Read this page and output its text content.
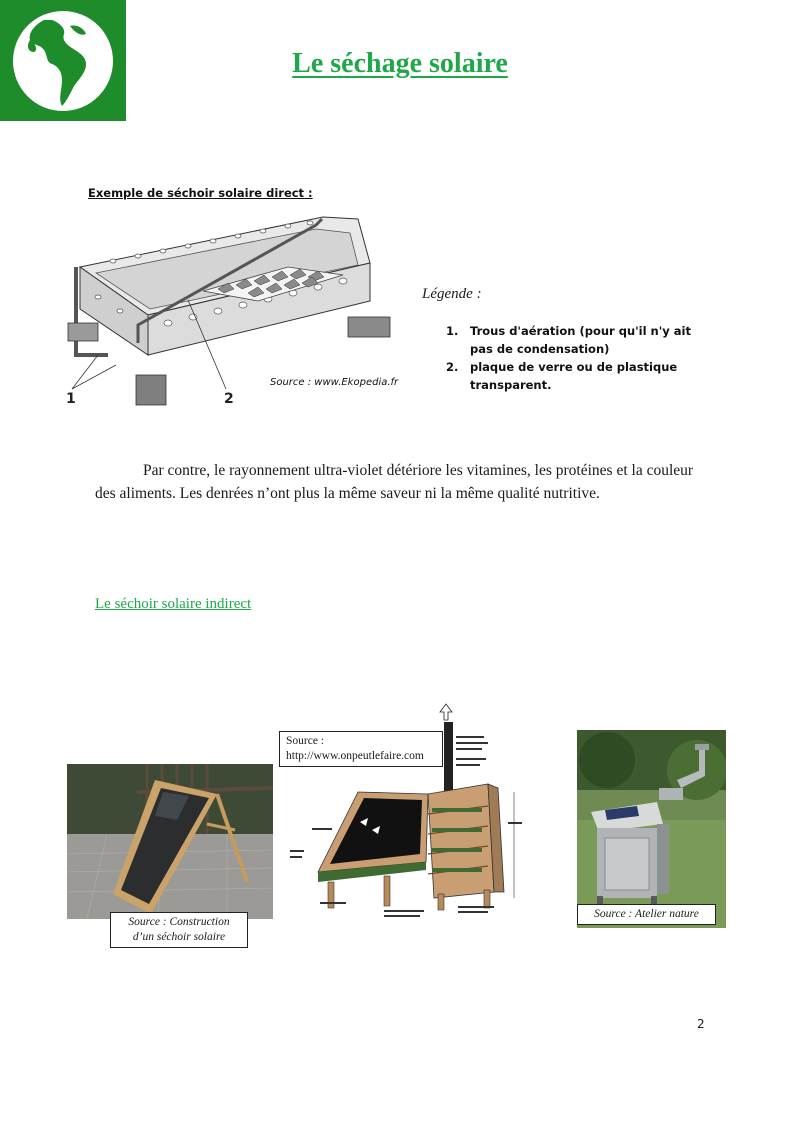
Le séchage solaire
Exemple de séchoir solaire direct :
1	2
Source : www.Ekopedia.fr
Légende :
1.	Trous d'aération (pour qu'il n'y ait pas de condensation)
2.	plaque de verre ou de plastique transparent.
Par contre, le rayonnement ultra-violet détériore les vitamines, les protéines et la couleur des aliments. Les denrées n’ont plus la même saveur ni la même qualité nutritive.
Le séchoir solaire indirect
Source : Construction d’un séchoir solaire
Source : http://www.onpeutlefaire.com
Source : Atelier nature
2
